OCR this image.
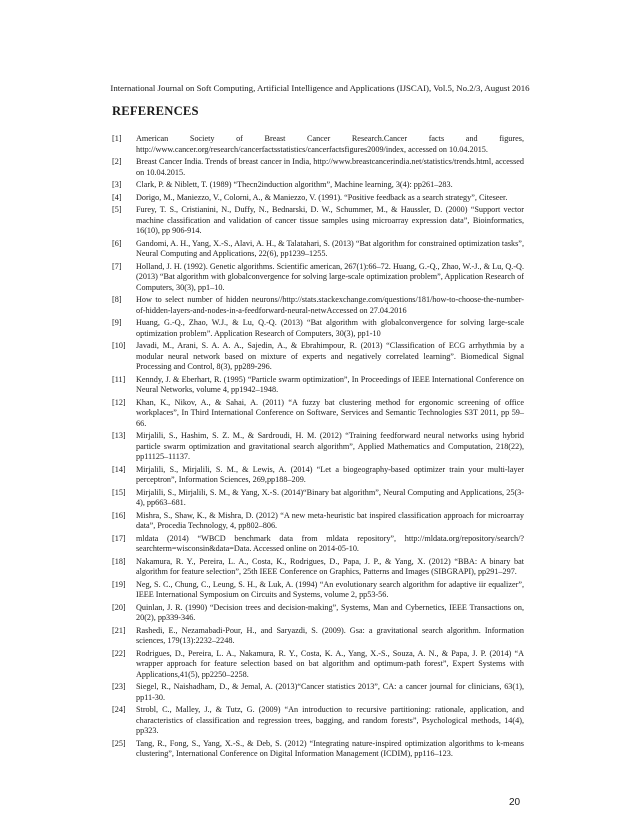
International Journal on Soft Computing, Artificial Intelligence and Applications (IJSCAI), Vol.5, No.2/3, August 2016
REFERENCES
[1]	American Society of Breast Cancer Research.Cancer facts and figures, http://www.cancer.org/research/cancerfactsstatistics/cancerfactsfigures2009/index, accessed on 10.04.2015.
[2]	Breast Cancer India. Trends of breast cancer in India, http://www.breastcancerindia.net/statistics/trends.html, accessed on 10.04.2015.
[3]	Clark, P. & Niblett, T. (1989) “Thecn2induction algorithm”, Machine learning, 3(4): pp261–283.
[4]	Dorigo, M., Maniezzo, V., Colorni, A., & Maniezzo, V. (1991). “Positive feedback as a search strategy”, Citeseer.
[5]	Furey, T. S., Cristianini, N., Duffy, N., Bednarski, D. W., Schummer, M., & Haussler, D. (2000) “Support vector machine classification and validation of cancer tissue samples using microarray expression data”, Bioinformatics, 16(10), pp 906-914.
[6]	Gandomi, A. H., Yang, X.-S., Alavi, A. H., & Talatahari, S. (2013) “Bat algorithm for constrained optimization tasks”, Neural Computing and Applications, 22(6), pp1239–1255.
[7]	Holland, J. H. (1992). Genetic algorithms. Scientific american, 267(1):66–72. Huang, G.-Q., Zhao, W.-J., & Lu, Q.-Q. (2013) “Bat algorithm with globalconvergence for solving large-scale optimization problem”, Application Research of Computers, 30(3), pp1–10.
[8]	How to select number of hidden neurons//http://stats.stackexchange.com/questions/181/how-to-choose-the-number-of-hidden-layers-and-nodes-in-a-feedforward-neural-netwAccessed on 27.04.2016
[9]	Huang, G.-Q., Zhao, W.J., & Lu, Q.-Q. (2013) “Bat algorithm with globalconvergence for solving large-scale optimization problem”. Application Research of Computers, 30(3), pp1-10
[10]	Javadi, M., Arani, S. A. A. A., Sajedin, A., & Ebrahimpour, R. (2013) “Classification of ECG arrhythmia by a modular neural network based on mixture of experts and negatively correlated learning”. Biomedical Signal Processing and Control, 8(3), pp289-296.
[11]	Kenndy, J. & Eberhart, R. (1995) “Particle swarm optimization”, In Proceedings of IEEE International Conference on Neural Networks, volume 4, pp1942–1948.
[12]	Khan, K., Nikov, A., & Sahai, A. (2011) “A fuzzy bat clustering method for ergonomic screening of office workplaces”, In Third International Conference on Software, Services and Semantic Technologies S3T 2011, pp 59–66.
[13]	Mirjalili, S., Hashim, S. Z. M., & Sardroudi, H. M. (2012) “Training feedforward neural networks using hybrid particle swarm optimization and gravitational search algorithm”, Applied Mathematics and Computation, 218(22), pp11125–11137.
[14]	Mirjalili, S., Mirjalili, S. M., & Lewis, A. (2014) “Let a biogeography-based optimizer train your multi-layer perceptron”, Information Sciences, 269,pp188–209.
[15]	Mirjalili, S., Mirjalili, S. M., & Yang, X.-S. (2014)“Binary bat algorithm”, Neural Computing and Applications, 25(3-4), pp663–681.
[16]	Mishra, S., Shaw, K., & Mishra, D. (2012) “A new meta-heuristic bat inspired classification approach for microarray data”, Procedia Technology, 4, pp802–806.
[17]	mldata (2014) “WBCD benchmark data from mldata repository”, http://mldata.org/repository/search/?searchterm=wisconsin&data=Data. Accessed online on 2014-05-10.
[18]	Nakamura, R. Y., Pereira, L. A., Costa, K., Rodrigues, D., Papa, J. P., & Yang, X. (2012) “BBA: A binary bat algorithm for feature selection”, 25th IEEE Conference on Graphics, Patterns and Images (SIBGRAPI), pp291–297.
[19]	Neg, S. C., Chung, C., Leung, S. H., & Luk, A. (1994) “An evolutionary search algorithm for adaptive iir equalizer”, IEEE International Symposium on Circuits and Systems, volume 2, pp53-56.
[20]	Quinlan, J. R. (1990) “Decision trees and decision-making”, Systems, Man and Cybernetics, IEEE Transactions on, 20(2), pp339-346.
[21]	Rashedi, E., Nezamabadi-Pour, H., and Saryazdi, S. (2009). Gsa: a gravitational search algorithm. Information sciences, 179(13):2232–2248.
[22]	Rodrigues, D., Pereira, L. A., Nakamura, R. Y., Costa, K. A., Yang, X.-S., Souza, A. N., & Papa, J. P. (2014) “A wrapper approach for feature selection based on bat algorithm and optimum-path forest”, Expert Systems with Applications,41(5), pp2250–2258.
[23]	Siegel, R., Naishadham, D., & Jemal, A. (2013)“Cancer statistics 2013”, CA: a cancer journal for clinicians, 63(1), pp11-30.
[24]	Strobl, C., Malley, J., & Tutz, G. (2009) “An introduction to recursive partitioning: rationale, application, and characteristics of classification and regression trees, bagging, and random forests”, Psychological methods, 14(4), pp323.
[25]	Tang, R., Fong, S., Yang, X.-S., & Deb, S. (2012) “Integrating nature-inspired optimization algorithms to k-means clustering”, International Conference on Digital Information Management (ICDIM), pp116–123.
20
